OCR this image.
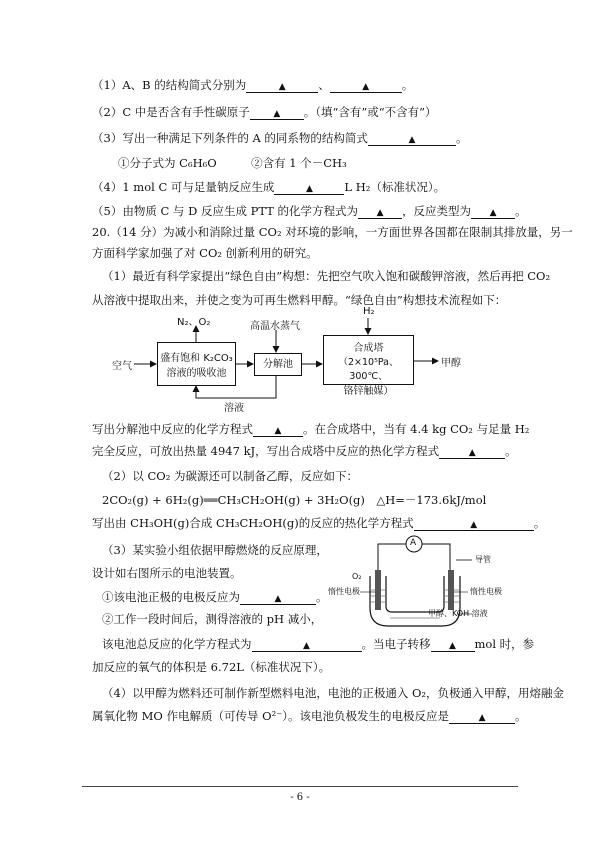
（1）A、B 的结构简式分别为	▲	、	▲	。
（2）C 中是否含有手性碳原子	▲ 。（填“含有”或“不含有”）
（3）写出一种满足下列条件的 A 的同系物的结构简式	▲	。
①分子式为 C₆H₆O　　　②含有 1 个－CH₃
（4）1 mol C 可与足量钠反应生成	▲	L H₂（标准状况）。
（5）由物质 C 与 D 反应生成 PTT 的化学方程式为 ▲ ，反应类型为 ▲ 。
20.（14 分）为减小和消除过量 CO₂ 对环境的影响，一方面世界各国都在限制其排放量，另一
方面科学家加强了对 CO₂ 创新利用的研究。
（1）最近有科学家提出“绿色自由”构想：先把空气吹入饱和碳酸钾溶液，然后再把 CO₂
从溶液中提取出来，并使之变为可再生燃料甲醇。“绿色自由”构想技术流程如下：
空气
盛有饱和 K₂CO₃
溶液的吸收池
N₂、O₂	高温水蒸气
分解池
H₂
合成塔
（2×10⁵Pa、300℃、
铬锌触媒）
甲醇
溶液
写出分解池中反应的化学方程式 ▲ 。在合成塔中，当有 4.4 kg CO₂ 与足量 H₂
完全反应，可放出热量 4947 kJ，写出合成塔中反应的热化学方程式	▲	。
（2）以 CO₂ 为碳源还可以制备乙醇，反应如下：
2CO₂(g) + 6H₂(g)══CH₃CH₂OH(g) + 3H₂O(g)　△H=－173.6kJ/mol
写出由 CH₃OH(g)合成 CH₃CH₂OH(g)的反应的热化学方程式	▲	。
（3）某实验小组依据甲醇燃烧的反应原理，
设计如右图所示的电池装置。
①该电池正极的电极反应为	▲	。
②工作一段时间后，测得溶液的 pH 减小，
该电池总反应的化学方程式为	▲	。当电子转移 ▲ mol 时，参
加反应的氧气的体积是 6.72L（标准状况下）。
A
导管
O₂
惰性电极	惰性电极
甲醇、KOH 溶液
（4）以甲醇为燃料还可制作新型燃料电池，电池的正极通入 O₂，负极通入甲醇，用熔融金
属氧化物 MO 作电解质（可传导 O²⁻）。该电池负极发生的电极反应是	▲	。
- 6 -
